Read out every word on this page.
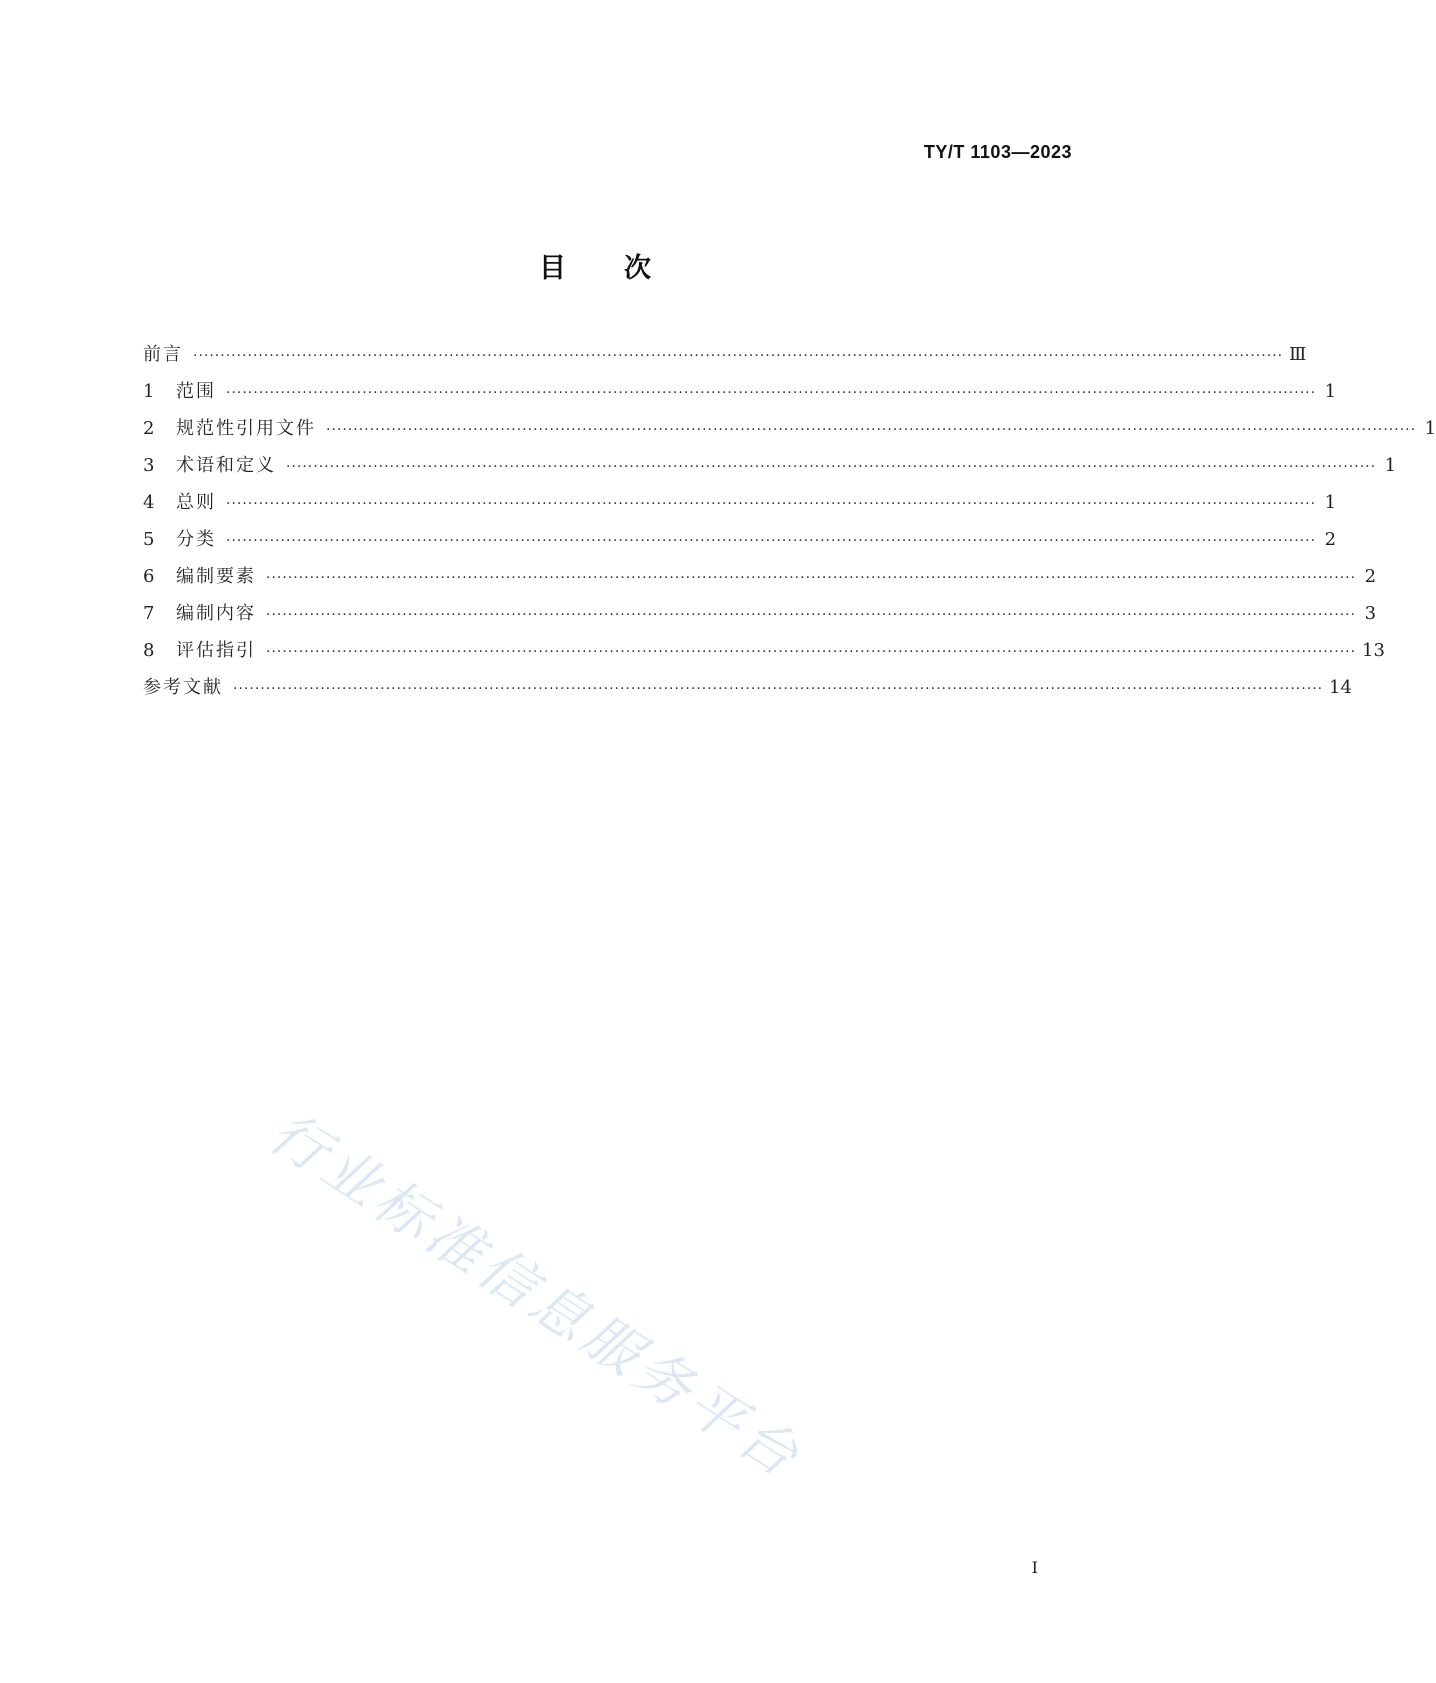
TY/T 1103—2023
目次
前言 ········································································································································································································ Ⅲ
1	范围 ········································································································································································································ 1
2	规范性引用文件 ········································································································································································································ 1
3	术语和定义 ········································································································································································································ 1
4	总则 ········································································································································································································ 1
5	分类 ········································································································································································································ 2
6	编制要素 ········································································································································································································ 2
7	编制内容 ········································································································································································································ 3
8	评估指引 ········································································································································································································ 13
参考文献 ········································································································································································································ 14
行业标准信息服务平台
I
